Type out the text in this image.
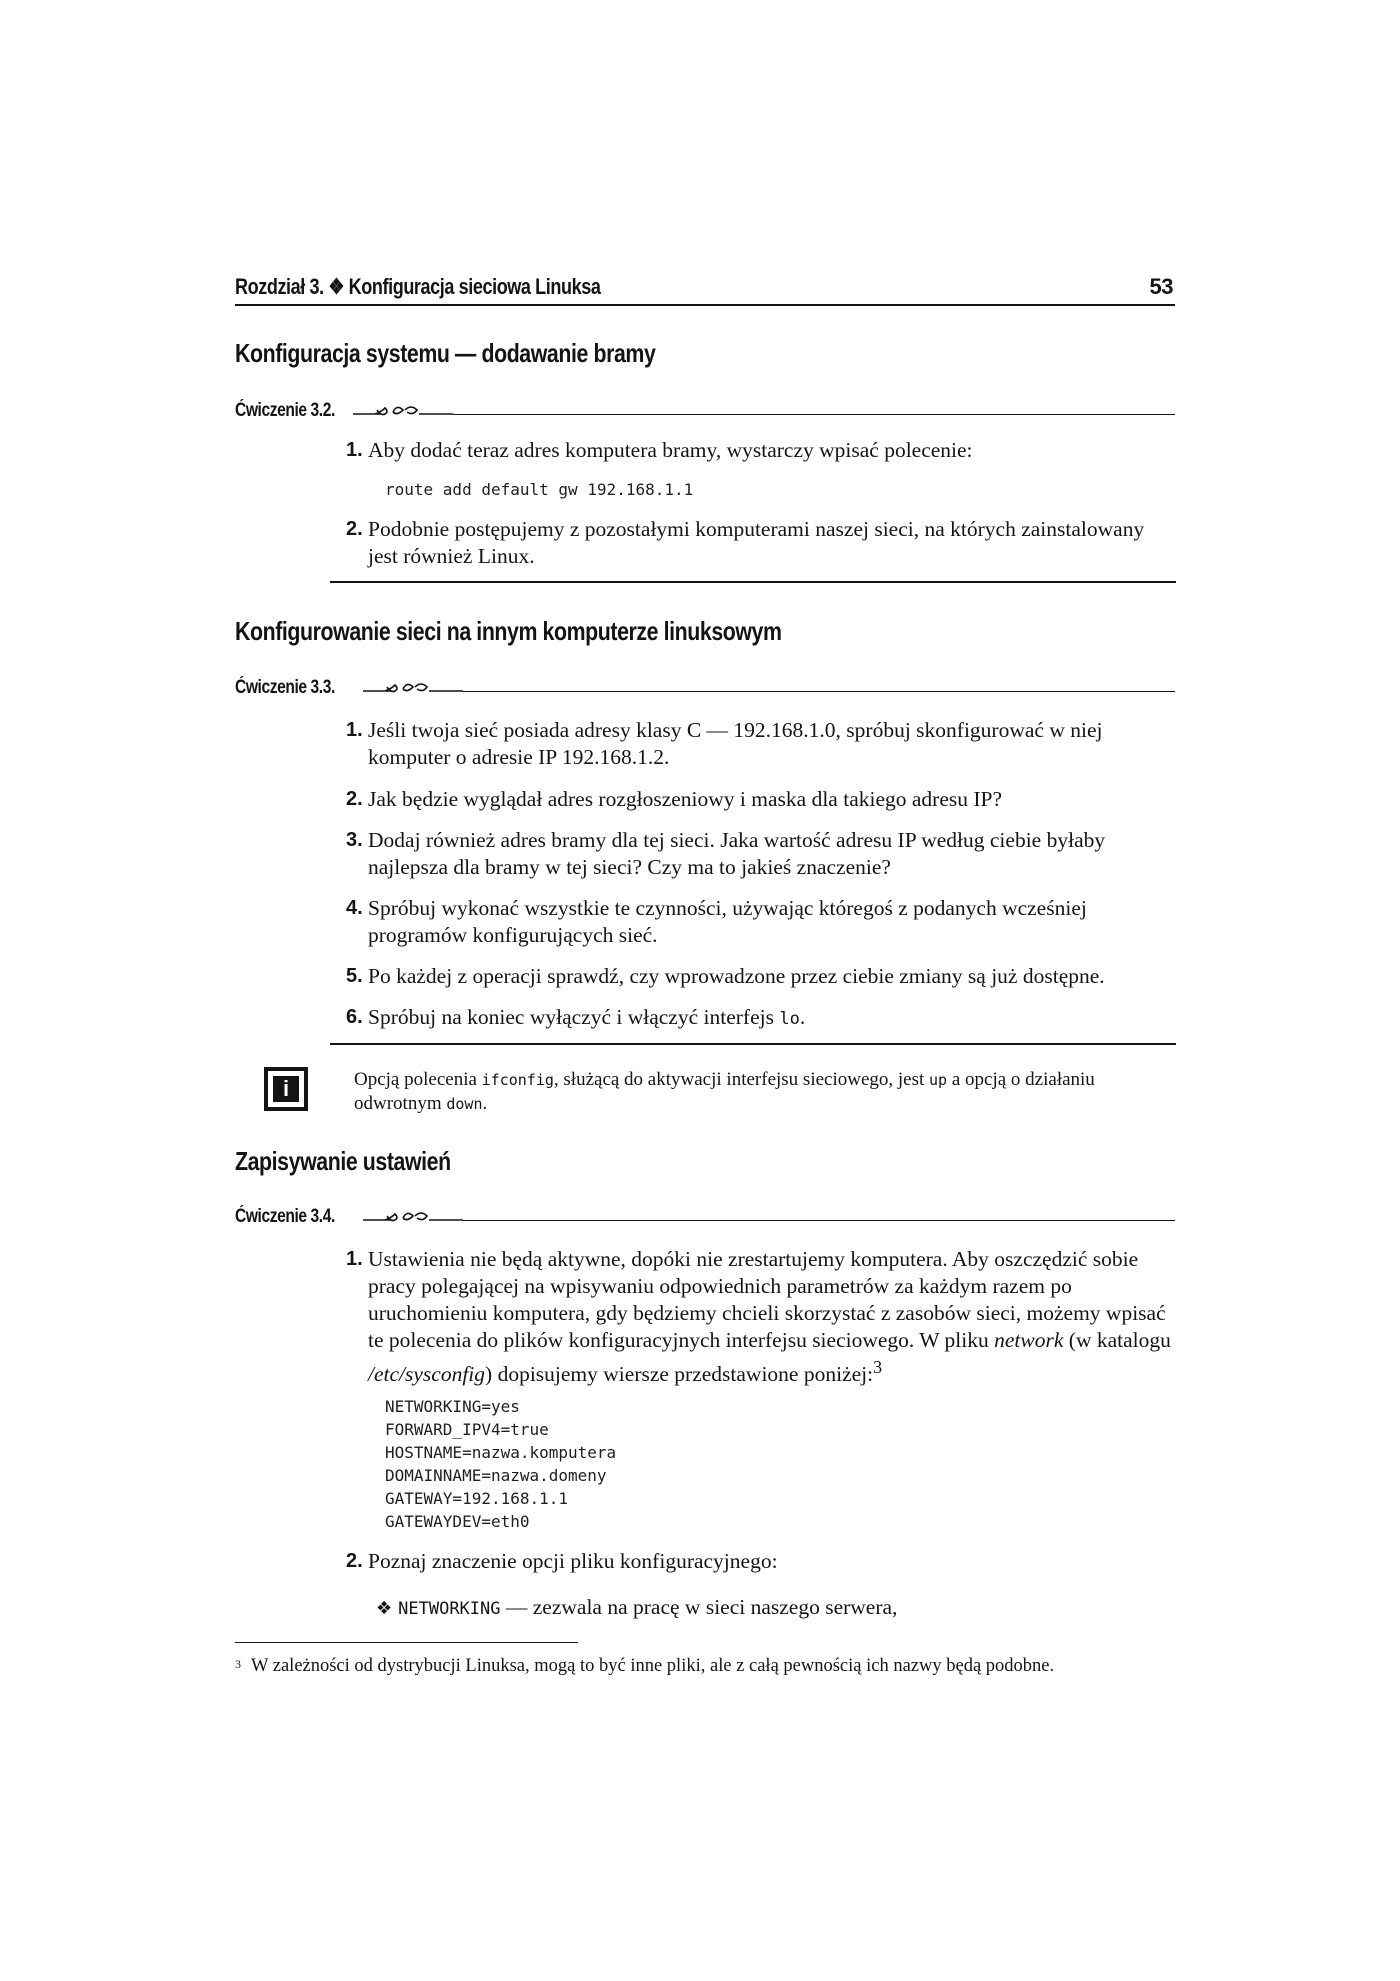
Rozdział 3. ❖ Konfiguracja sieciowa Linuksa	53
Konfiguracja systemu — dodawanie bramy
Ćwiczenie 3.2.
1. Aby dodać teraz adres komputera bramy, wystarczy wpisać polecenie:
route add default gw 192.168.1.1
2. Podobnie postępujemy z pozostałymi komputerami naszej sieci, na których zainstalowany jest również Linux.
Konfigurowanie sieci na innym komputerze linuksowym
Ćwiczenie 3.3.
1. Jeśli twoja sieć posiada adresy klasy C — 192.168.1.0, spróbuj skonfigurować w niej komputer o adresie IP 192.168.1.2.
2. Jak będzie wyglądał adres rozgłoszeniowy i maska dla takiego adresu IP?
3. Dodaj również adres bramy dla tej sieci. Jaka wartość adresu IP według ciebie byłaby najlepsza dla bramy w tej sieci? Czy ma to jakieś znaczenie?
4. Spróbuj wykonać wszystkie te czynności, używając któregoś z podanych wcześniej programów konfigurujących sieć.
5. Po każdej z operacji sprawdź, czy wprowadzone przez ciebie zmiany są już dostępne.
6. Spróbuj na koniec wyłączyć i włączyć interfejs lo.
i	Opcją polecenia ifconfig, służącą do aktywacji interfejsu sieciowego, jest up a opcją o działaniu odwrotnym down.
Zapisywanie ustawień
Ćwiczenie 3.4.
1. Ustawienia nie będą aktywne, dopóki nie zrestartujemy komputera. Aby oszczędzić sobie pracy polegającej na wpisywaniu odpowiednich parametrów za każdym razem po uruchomieniu komputera, gdy będziemy chcieli skorzystać z zasobów sieci, możemy wpisać te polecenia do plików konfiguracyjnych interfejsu sieciowego. W pliku network (w katalogu /etc/sysconfig) dopisujemy wiersze przedstawione poniżej:$^3$
NETWORKING=yes
FORWARD_IPV4=true
HOSTNAME=nazwa.komputera
DOMAINNAME=nazwa.domeny
GATEWAY=192.168.1.1
GATEWAYDEV=eth0
2. Poznaj znaczenie opcji pliku konfiguracyjnego:
❖ NETWORKING — zezwala na pracę w sieci naszego serwera,
$^3$ W zależności od dystrybucji Linuksa, mogą to być inne pliki, ale z całą pewnością ich nazwy będą podobne.
